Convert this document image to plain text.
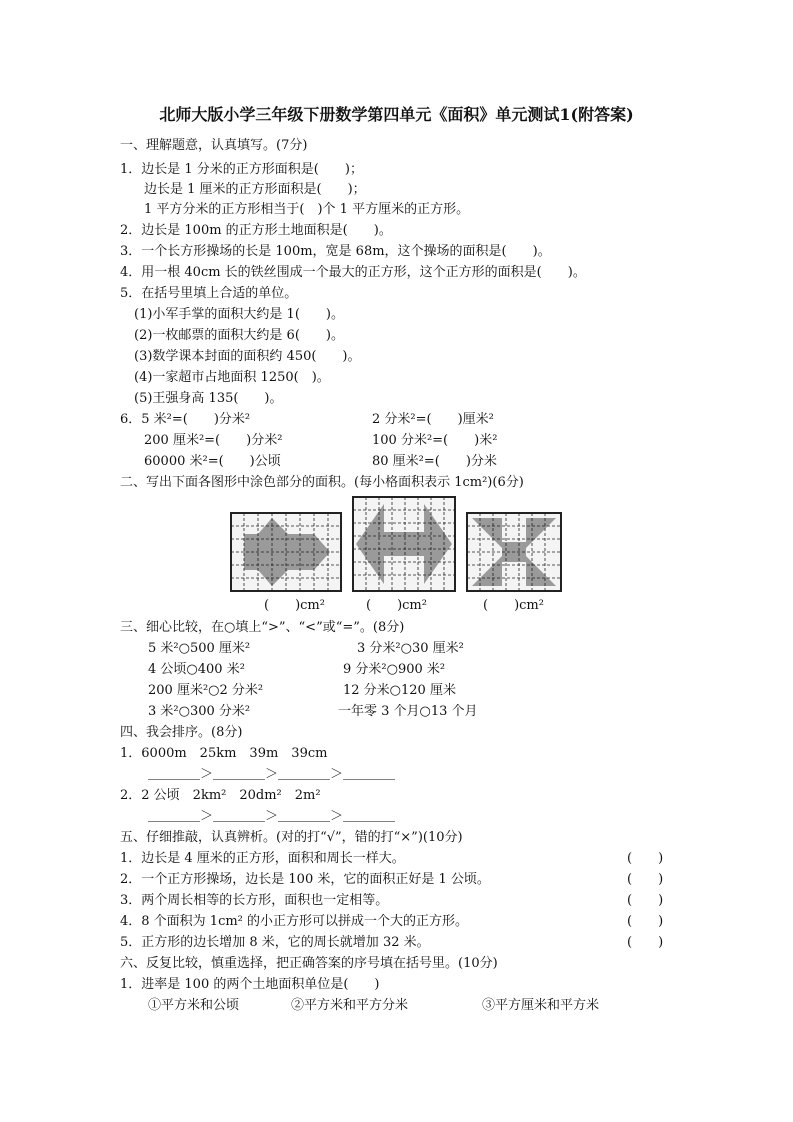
北师大版小学三年级下册数学第四单元《面积》单元测试1(附答案)
一、理解题意，认真填写。(7分)
1．边长是 1 分米的正方形面积是(　　)；
边长是 1 厘米的正方形面积是(　　)；
1 平方分米的正方形相当于(　)个 1 平方厘米的正方形。
2．边长是 100m 的正方形土地面积是(　　)。
3．一个长方形操场的长是 100m，宽是 68m，这个操场的面积是(　　)。
4．用一根 40cm 长的铁丝围成一个最大的正方形，这个正方形的面积是(　　)。
5．在括号里填上合适的单位。
(1)小军手掌的面积大约是 1(　　)。
(2)一枚邮票的面积大约是 6(　　)。
(3)数学课本封面的面积约 450(　　)。
(4)一家超市占地面积 1250(　)。
(5)王强身高 135(　　)。
6．5 米²=(　　)分米²	2 分米²=(　　)厘米²
200 厘米²=(　　)分米²	100 分米²=(　　)米²
60000 米²=(　　)公顷	80 厘米²=(　　)分米
二、写出下面各图形中涂色部分的面积。(每小格面积表示 1cm²)(6分)
(　　)cm²	(　　)cm²	(　　)cm²
三、细心比较，在○填上“>”、“<”或“=”。(8分)
5 米²○500 厘米²	3 分米²○30 厘米²
4 公顷○400 米²	9 分米²○900 米²
200 厘米²○2 分米²	12 分米○120 厘米
3 米²○300 分米²	一年零 3 个月○13 个月
四、我会排序。(8分)
1．6000m　25km　39m　39cm
＿＿＿＿＞＿＿＿＿＞＿＿＿＿＞＿＿＿＿
2．2 公顷　2km²　20dm²　2m²
＿＿＿＿＞＿＿＿＿＞＿＿＿＿＞＿＿＿＿
五、仔细推敲，认真辨析。(对的打“√”，错的打“×”)(10分)
1．边长是 4 厘米的正方形，面积和周长一样大。	(　　)
2．一个正方形操场，边长是 100 米，它的面积正好是 1 公顷。	(　　)
3．两个周长相等的长方形，面积也一定相等。	(　　)
4．8 个面积为 1cm² 的小正方形可以拼成一个大的正方形。	(　　)
5．正方形的边长增加 8 米，它的周长就增加 32 米。	(　　)
六、反复比较，慎重选择，把正确答案的序号填在括号里。(10分)
1．进率是 100 的两个土地面积单位是(　　)
①平方米和公顷	②平方米和平方分米	③平方厘米和平方米
